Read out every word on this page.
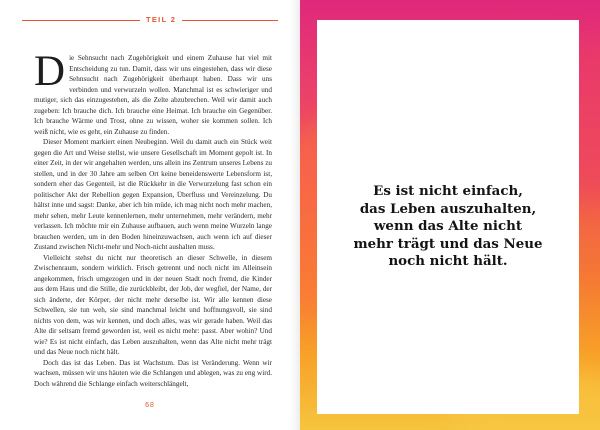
TEIL 2

Die Sehnsucht nach Zugehörigkeit und einem Zuhause hat viel mit Entscheidung zu tun. Damit, dass wir uns eingestehen, dass wir diese Sehnsucht nach Zugehörigkeit überhaupt haben. Dass wir uns verbinden und verwurzeln wollen. Manchmal ist es schwieriger und mutiger, sich das einzugestehen, als die Zelte abzubrechen. Weil wir damit auch zugeben: Ich brauche dich. Ich brauche eine Heimat. Ich brauche ein Gegenüber. Ich brauche Wärme und Trost, ohne zu wissen, woher sie kommen sollen. Ich weiß nicht, wie es geht, ein Zuhause zu finden.

Dieser Moment markiert einen Neubeginn. Weil du damit auch ein Stück weit gegen die Art und Weise stellst, wie unsere Gesellschaft im Moment gepolt ist. In einer Zeit, in der wir angehalten werden, uns allein ins Zentrum unseres Lebens zu stellen, und in der 30 Jahre am selben Ort keine beneidenswerte Lebensform ist, sondern eher das Gegenteil, ist die Rückkehr in die Verwurzelung fast schon ein politischer Akt der Rebellion gegen Expansion, Überfluss und Vereinzelung. Du hältst inne und sagst: Danke, aber ich bin müde, ich mag nicht noch mehr machen, mehr sehen, mehr Leute kennenlernen, mehr unternehmen, mehr verändern, mehr verlassen. Ich möchte mir ein Zuhause aufbauen, auch wenn meine Wurzeln lange brauchen werden, um in den Boden hineinzuwachsen, auch wenn ich auf dieser Zustand zwischen Nicht-mehr und Noch-nicht aushalten muss.

Vielleicht stehst du nicht nur theoretisch an dieser Schwelle, in diesem Zwischenraum, sondern wirklich. Frisch getrennt und noch nicht im Alleinsein angekommen, frisch umgezogen und in der neuen Stadt noch fremd, die Kinder aus dem Haus und die Stille, die zurückbleibt, der Job, der wegfiel, der Name, der sich änderte, der Körper, der nicht mehr derselbe ist. Wir alle kennen diese Schwellen, sie tun weh, sie sind manchmal leicht und hoffnungsvoll, sie sind nichts von dem, was wir kennen, und doch alles, was wir gerade haben. Weil das Alte dir seltsam fremd geworden ist, weil es nicht mehr: passt. Aber wohin? Und wie? Es ist nicht einfach, das Leben auszuhalten, wenn das Alte nicht mehr trägt und das Neue noch nicht hält.

Doch das ist das Leben. Das ist Wachstum. Das ist Veränderung. Wenn wir wachsen, müssen wir uns häuten wie die Schlangen und ablegen, was zu eng wird. Doch während die Schlange einfach weiterschlängelt,

68
Es ist nicht einfach,
das Leben auszuhalten,
wenn das Alte nicht
mehr trägt und das Neue
noch nicht hält.
